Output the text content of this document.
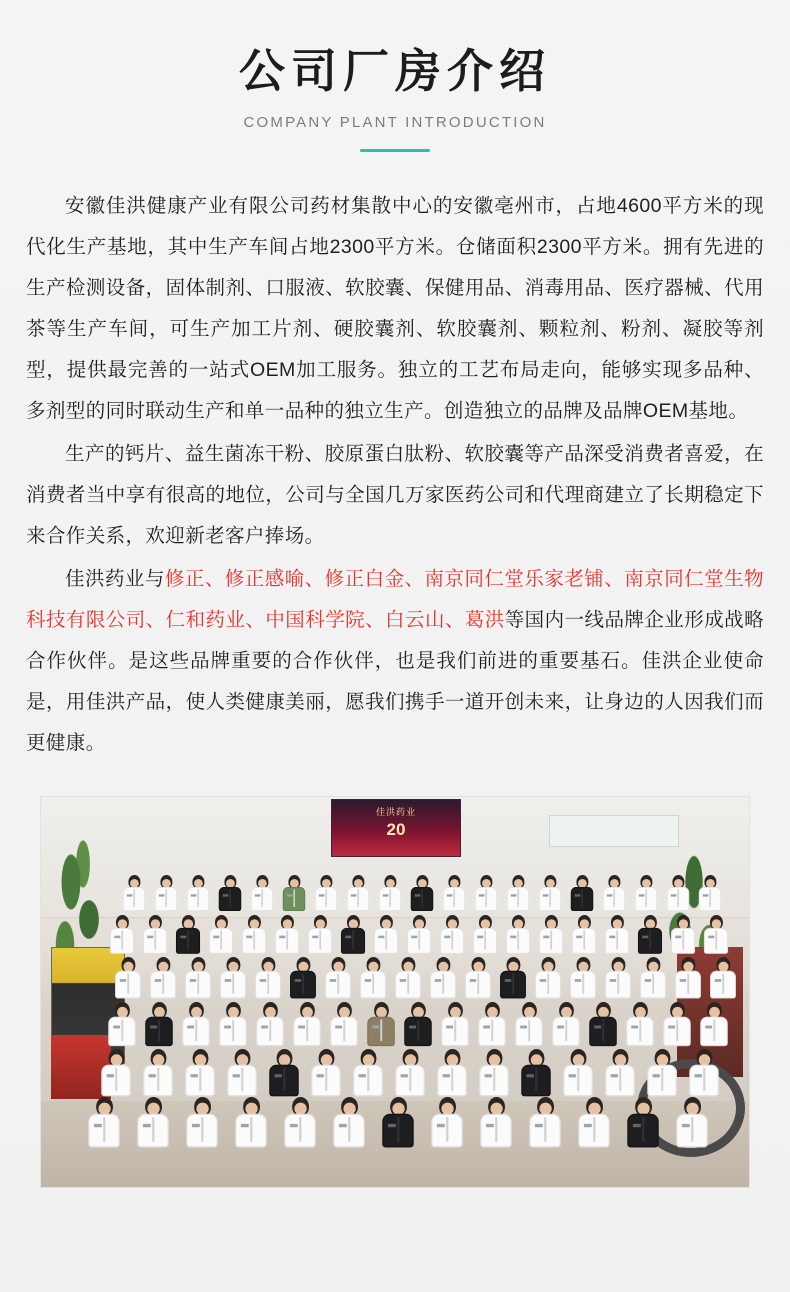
公司厂房介绍
COMPANY PLANT INTRODUCTION

安徽佳洪健康产业有限公司药材集散中心的安徽亳州市，占地4600平方米的现代化生产基地，其中生产车间占地2300平方米。仓储面积2300平方米。拥有先进的生产检测设备，固体制剂、口服液、软胶囊、保健用品、消毒用品、医疗器械、代用茶等生产车间，可生产加工片剂、硬胶囊剂、软胶囊剂、颗粒剂、粉剂、凝胶等剂型，提供最完善的一站式OEM加工服务。独立的工艺布局走向，能够实现多品种、多剂型的同时联动生产和单一品种的独立生产。创造独立的品牌及品牌OEM基地。

生产的钙片、益生菌冻干粉、胶原蛋白肽粉、软胶囊等产品深受消费者喜爱，在消费者当中享有很高的地位，公司与全国几万家医药公司和代理商建立了长期稳定下来合作关系，欢迎新老客户捧场。

佳洪药业与修正、修正感喻、修正白金、南京同仁堂乐家老铺、南京同仁堂生物科技有限公司、仁和药业、中国科学院、白云山、葛洪等国内一线品牌企业形成战略合作伙伴。是这些品牌重要的合作伙伴，也是我们前进的重要基石。佳洪企业使命是，用佳洪产品，使人类健康美丽，愿我们携手一道开创未来，让身边的人因我们而更健康。

佳洪药业
20
